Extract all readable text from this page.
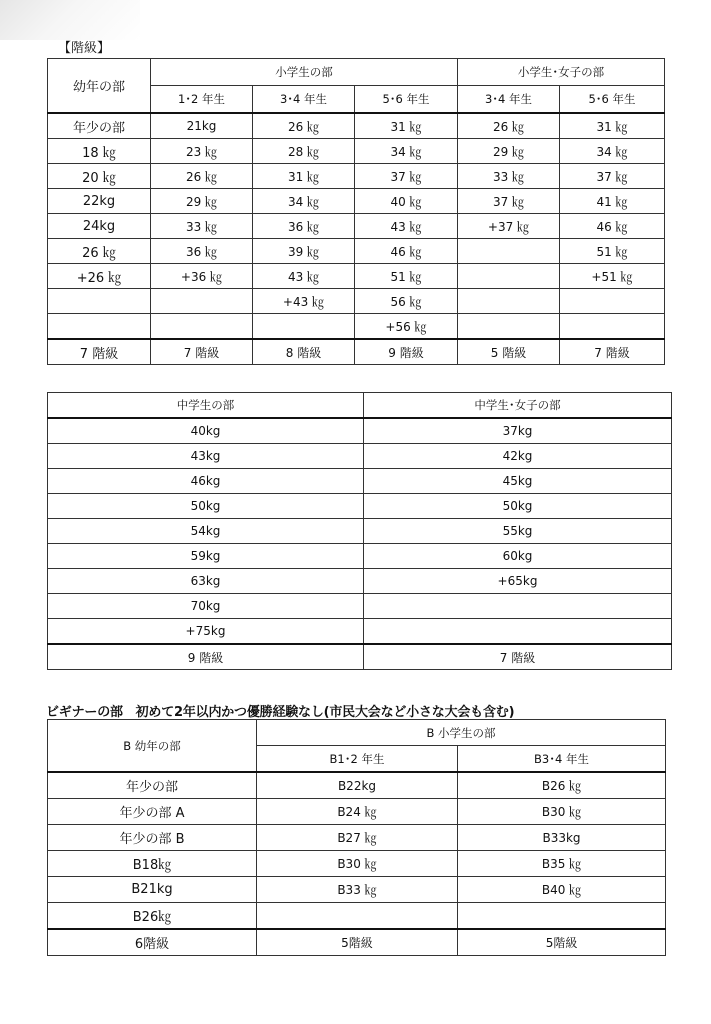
【階級】
幼年の部	小学生の部			小学生･女子の部	
	1･2 年生	3･4 年生	5･6 年生	3･4 年生	5･6 年生
年少の部	21kg	26 ㎏	31 ㎏	26 ㎏	31 ㎏
18 ㎏	23 ㎏	28 ㎏	34 ㎏	29 ㎏	34 ㎏
20 ㎏	26 ㎏	31 ㎏	37 ㎏	33 ㎏	37 ㎏
22kg	29 ㎏	34 ㎏	40 ㎏	37 ㎏	41 ㎏
24kg	33 ㎏	36 ㎏	43 ㎏	+37 ㎏	46 ㎏
26 ㎏	36 ㎏	39 ㎏	46 ㎏		51 ㎏
+26 ㎏	+36 ㎏	43 ㎏	51 ㎏		+51 ㎏
		+43 ㎏	56 ㎏		
			+56 ㎏		
7 階級	7 階級	8 階級	9 階級	5 階級	7 階級
中学生の部	中学生･女子の部
40kg	37kg
43kg	42kg
46kg	45kg
50kg	50kg
54kg	55kg
59kg	60kg
63kg	+65kg
70kg	
+75kg	
9 階級	7 階級
ビギナーの部　初めて2年以内かつ優勝経験なし(市民大会など小さな大会も含む)
B 幼年の部	B 小学生の部	
	B1･2 年生	B3･4 年生
年少の部	B22kg	B26 ㎏
年少の部 A	B24 ㎏	B30 ㎏
年少の部 B	B27 ㎏	B33kg
B18㎏	B30 ㎏	B35 ㎏
B21kg	B33 ㎏	B40 ㎏
B26㎏		
6階級	5階級	5階級
